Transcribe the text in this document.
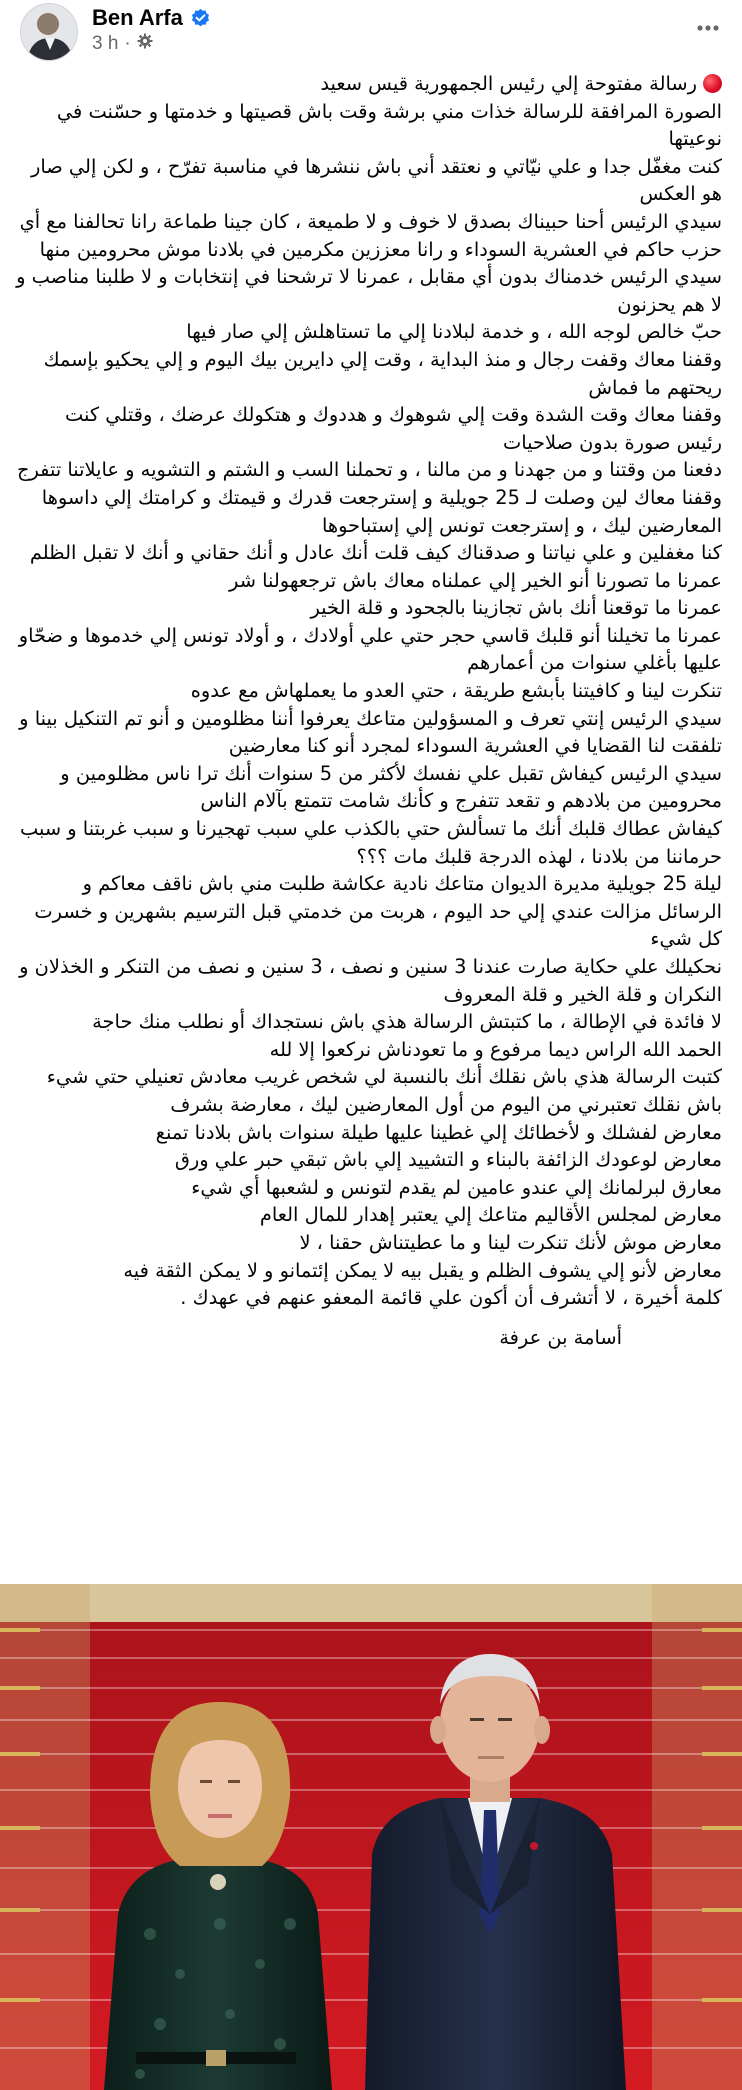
Ben Arfa
3 h ·

رسالة مفتوحة إلي رئيس الجمهورية قيس سعيد

الصورة المرافقة للرسالة خذات مني برشة وقت باش قصيتها و خدمتها و حسّنت في نوعيتها

كنت مغفّل جدا و علي نيّاتي و نعتقد أني باش ننشرها في مناسبة تفرّح ، و لكن إلي صار هو العكس

سيدي الرئيس أحنا حبيناك بصدق لا خوف و لا طميعة ، كان جينا طماعة رانا تحالفنا مع أي حزب حاكم في العشرية السوداء و رانا معززين مكرمين في بلادنا موش محرومين منها

سيدي الرئيس خدمناك بدون أي مقابل ، عمرنا لا ترشحنا في إنتخابات و لا طلبنا مناصب و لا هم يحزنون

حبّ خالص لوجه الله ، و خدمة لبلادنا إلي ما تستاهلش إلي صار فيها

وقفنا معاك وقفت رجال و منذ البداية ، وقت إلي دايرين بيك اليوم و إلي يحكيو بإسمك ريحتهم ما فماش

وقفنا معاك وقت الشدة وقت إلي شوهوك و هددوك و هتكولك عرضك ، وقتلي كنت رئيس صورة بدون صلاحيات

دفعنا من وقتنا و من جهدنا و من مالنا ، و تحملنا السب و الشتم و التشويه و عايلاتنا تتفرج

وقفنا معاك لين وصلت لـ 25 جويلية و إسترجعت قدرك و قيمتك و كرامتك إلي داسوها المعارضين ليك ، و إسترجعت تونس إلي إستباحوها

كنا مغفلين و علي نياتنا و صدقناك كيف قلت أنك عادل و أنك حقاني و أنك لا تقبل الظلم

عمرنا ما تصورنا أنو الخير إلي عملناه معاك باش ترجعهولنا شر

عمرنا ما توقعنا أنك باش تجازينا بالجحود و قلة الخير

عمرنا ما تخيلنا أنو قلبك قاسي حجر حتي علي أولادك ، و أولاد تونس إلي خدموها و ضحّاو عليها بأغلي سنوات من أعمارهم

تنكرت لينا و كافيتنا بأبشع طريقة ، حتي العدو ما يعملهاش مع عدوه

سيدي الرئيس إنتي تعرف و المسؤولين متاعك يعرفوا أننا مظلومين و أنو تم التنكيل بينا و تلفقت لنا القضايا في العشرية السوداء لمجرد أنو كنا معارضين

سيدي الرئيس كيفاش تقبل علي نفسك لأكثر من 5 سنوات أنك ترا ناس مظلومين و محرومين من بلادهم و تقعد تتفرج و كأنك شامت تتمتع بآلام الناس

كيفاش عطاك قلبك أنك ما تسألش حتي بالكذب علي سبب تهجيرنا و سبب غربتنا و سبب حرماننا من بلادنا ، لهذه الدرجة قلبك مات ؟؟؟

ليلة 25 جويلية مديرة الديوان متاعك نادية عكاشة طلبت مني باش ناقف معاكم و الرسائل مزالت عندي إلي حد اليوم ، هربت من خدمتي قبل الترسيم بشهرين و خسرت كل شيء

نحكيلك علي حكاية صارت عندنا 3 سنين و نصف ، 3 سنين و نصف من التنكر و الخذلان و النكران و قلة الخير و قلة المعروف

لا فائدة في الإطالة ، ما كتبتش الرسالة هذي باش نستجداك أو نطلب منك حاجة

الحمد الله الراس ديما مرفوع و ما تعودناش نركعوا إلا لله

كتبت الرسالة هذي باش نقلك أنك بالنسبة لي شخص غريب معادش تعنيلي حتي شيء

باش نقلك تعتبرني من اليوم من أول المعارضين ليك ، معارضة بشرف

معارض لفشلك و لأخطائك إلي غطينا عليها طيلة سنوات باش بلادنا تمنع

معارض لوعودك الزائفة بالبناء و التشييد إلي باش تبقي حبر علي ورق

معارق لبرلمانك إلي عندو عامين لم يقدم لتونس و لشعبها أي شيء

معارض لمجلس الأقاليم متاعك إلي يعتبر إهدار للمال العام

معارض موش لأنك تنكرت لينا و ما عطيتناش حقنا ، لا

معارض لأنو إلي يشوف الظلم و يقبل بيه لا يمكن إئتمانو و لا يمكن الثقة فيه

كلمة أخيرة ، لا أتشرف أن أكون علي قائمة المعفو عنهم في عهدك .

أسامة بن عرفة
